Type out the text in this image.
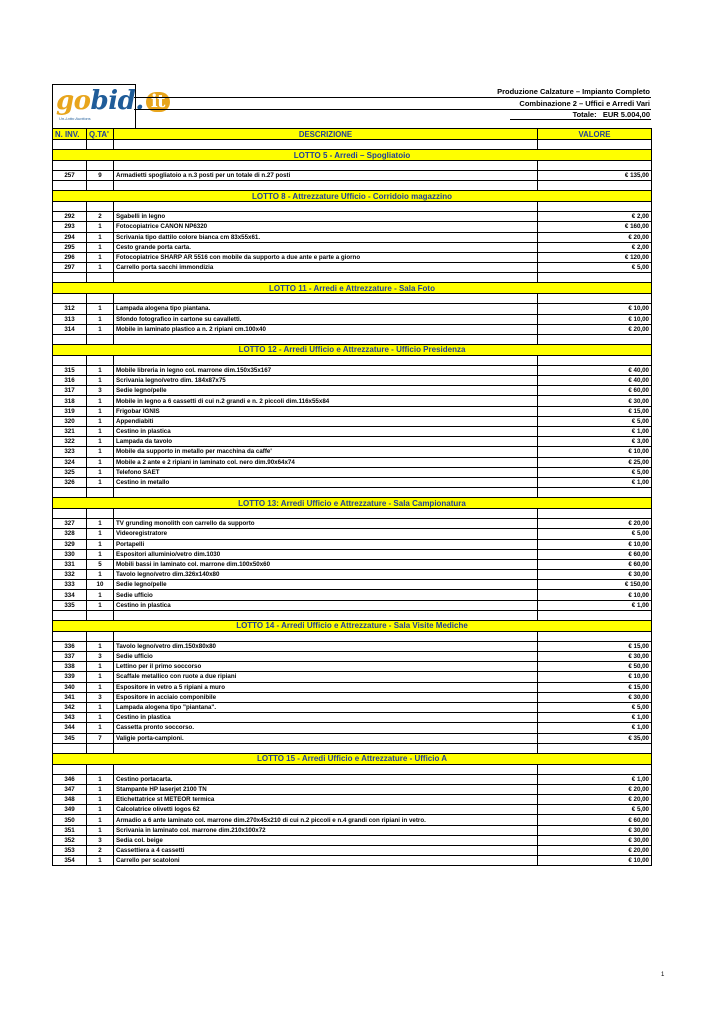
gobid. it
Un-Lotto Auctions
Produzione Calzature – Impianto Completo
Combinazione 2 – Uffici e Arredi Vari
Totale: EUR 5.004,00
N. INV.	Q.TA'	DESCRIZIONE	VALORE

LOTTO 5 - Arredi – Spogliatoio			

257	9	Armadietti spogliatoio a n.3 posti per un totale di n.27 posti	€ 135,00

LOTTO 8 - Attrezzature Ufficio - Corridoio magazzino			

292	2	Sgabelli in legno	€ 2,00
293	1	Fotocopiatrice CANON NP6320	€ 160,00
294	1	Scrivania tipo dattilo colore bianca cm 83x55x61.	€ 20,00
295	1	Cesto grande porta carta.	€ 2,00
296	1	Fotocopiatrice SHARP AR 5516 con mobile da supporto a due ante e parte a giorno	€ 120,00
297	1	Carrello porta sacchi immondizia	€ 5,00

LOTTO 11 - Arredi e Attrezzature - Sala Foto			

312	1	Lampada alogena tipo piantana.	€ 10,00
313	1	Sfondo fotografico in cartone su cavalletti.	€ 10,00
314	1	Mobile in laminato plastico a n. 2 ripiani cm.100x40	€ 20,00

LOTTO 12 - Arredi Ufficio e Attrezzature - Ufficio Presidenza			

315	1	Mobile libreria in legno col. marrone dim.150x35x167	€ 40,00
316	1	Scrivania legno/vetro dim. 184x87x75	€ 40,00
317	3	Sedie legno/pelle	€ 60,00
318	1	Mobile in legno a 6 cassetti di cui n.2 grandi e n. 2 piccoli dim.116x55x84	€ 30,00
319	1	Frigobar IGNIS	€ 15,00
320	1	Appendiabiti	€ 5,00
321	1	Cestino in plastica	€ 1,00
322	1	Lampada da tavolo	€ 3,00
323	1	Mobile da supporto in metallo per macchina da caffe'	€ 10,00
324	1	Mobile a 2 ante e 2 ripiani in laminato col. nero dim.90x64x74	€ 25,00
325	1	Telefono SAET	€ 5,00
326	1	Cestino in metallo	€ 1,00

LOTTO 13: Arredi Ufficio e Attrezzature - Sala Campionatura			

327	1	TV grunding monolith con carrello da supporto	€ 20,00
328	1	Videoregistratore	€ 5,00
329	1	Portapelli	€ 10,00
330	1	Espositori alluminio/vetro dim.1030	€ 60,00
331	5	Mobili bassi in laminato col. marrone dim.100x50x60	€ 60,00
332	1	Tavolo legno/vetro dim.326x140x80	€ 30,00
333	10	Sedie legno/pelle	€ 150,00
334	1	Sedie ufficio	€ 10,00
335	1	Cestino in plastica	€ 1,00

LOTTO 14 - Arredi Ufficio e Attrezzature - Sala Visite Mediche			

336	1	Tavolo legno/vetro dim.150x80x80	€ 15,00
337	3	Sedie ufficio	€ 30,00
338	1	Lettino per il primo soccorso	€ 50,00
339	1	Scaffale metallico con ruote a due ripiani	€ 10,00
340	1	Espositore in vetro a 5 ripiani a muro	€ 15,00
341	3	Espositore in acciaio componibile	€ 30,00
342	1	Lampada alogena tipo "piantana".	€ 5,00
343	1	Cestino in plastica	€ 1,00
344	1	Cassetta pronto soccorso.	€ 1,00
345	7	Valigie porta-campioni.	€ 35,00

LOTTO 15 - Arredi Ufficio e Attrezzature - Ufficio A			

346	1	Cestino portacarta.	€ 1,00
347	1	Stampante HP laserjet 2100 TN	€ 20,00
348	1	Etichettatrice st METEOR termica	€ 20,00
349	1	Calcolatrice olivetti logos 62	€ 5,00
350	1	Armadio a 6 ante laminato col. marrone dim.270x45x210 di cui n.2 piccoli e n.4 grandi con ripiani in vetro.	€ 60,00
351	1	Scrivania in laminato col. marrone dim.210x100x72	€ 30,00
352	3	Sedia col. beige	€ 30,00
353	2	Cassettiera a 4 cassetti	€ 20,00
354	1	Carrello per scatoloni	€ 10,00
1
